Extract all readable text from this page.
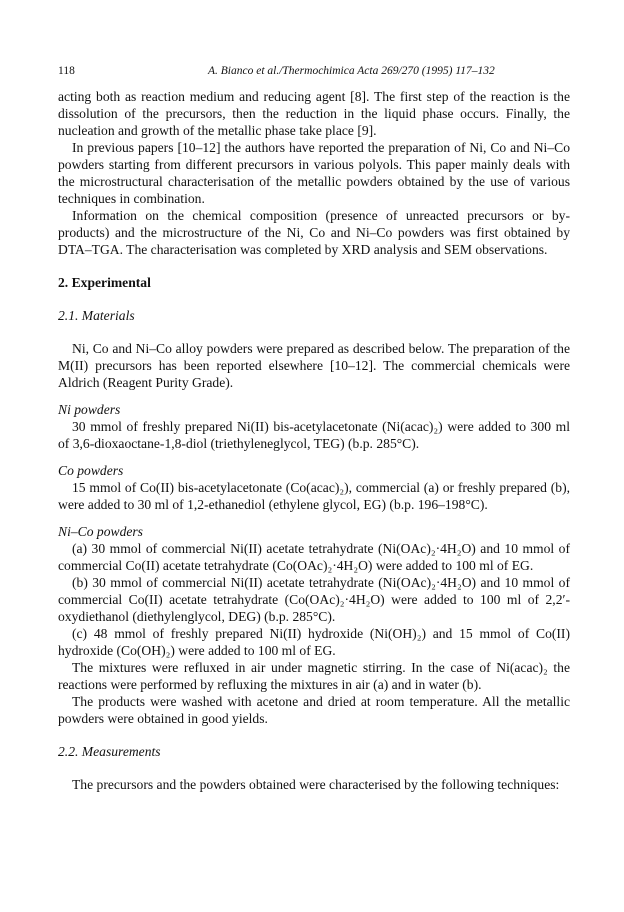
118	A. Bianco et al./Thermochimica Acta 269/270 (1995) 117–132

acting both as reaction medium and reducing agent [8]. The first step of the reaction is the dissolution of the precursors, then the reduction in the liquid phase occurs. Finally, the nucleation and growth of the metallic phase take place [9].

In previous papers [10–12] the authors have reported the preparation of Ni, Co and Ni–Co powders starting from different precursors in various polyols. This paper mainly deals with the microstructural characterisation of the metallic powders obtained by the use of various techniques in combination.

Information on the chemical composition (presence of unreacted precursors or by-products) and the microstructure of the Ni, Co and Ni–Co powders was first obtained by DTA–TGA. The characterisation was completed by XRD analysis and SEM observations.

2. Experimental
2.1. Materials

Ni, Co and Ni–Co alloy powders were prepared as described below. The preparation of the M(II) precursors has been reported elsewhere [10–12]. The commercial chemicals were Aldrich (Reagent Purity Grade).

Ni powders

30 mmol of freshly prepared Ni(II) bis-acetylacetonate (Ni(acac)₂) were added to 300 ml of 3,6-dioxaoctane-1,8-diol (triethyleneglycol, TEG) (b.p. 285°C).

Co powders

15 mmol of Co(II) bis-acetylacetonate (Co(acac)₂), commercial (a) or freshly prepared (b), were added to 30 ml of 1,2-ethanediol (ethylene glycol, EG) (b.p. 196–198°C).

Ni–Co powders

(a) 30 mmol of commercial Ni(II) acetate tetrahydrate (Ni(OAc)₂·4H₂O) and 10 mmol of commercial Co(II) acetate tetrahydrate (Co(OAc)₂·4H₂O) were added to 100 ml of EG.

(b) 30 mmol of commercial Ni(II) acetate tetrahydrate (Ni(OAc)₂·4H₂O) and 10 mmol of commercial Co(II) acetate tetrahydrate (Co(OAc)₂·4H₂O) were added to 100 ml of 2,2′-oxydiethanol (diethylenglycol, DEG) (b.p. 285°C).

(c) 48 mmol of freshly prepared Ni(II) hydroxide (Ni(OH)₂) and 15 mmol of Co(II) hydroxide (Co(OH)₂) were added to 100 ml of EG.

The mixtures were refluxed in air under magnetic stirring. In the case of Ni(acac)₂ the reactions were performed by refluxing the mixtures in air (a) and in water (b).

The products were washed with acetone and dried at room temperature. All the metallic powders were obtained in good yields.

2.2. Measurements

The precursors and the powders obtained were characterised by the following techniques:
